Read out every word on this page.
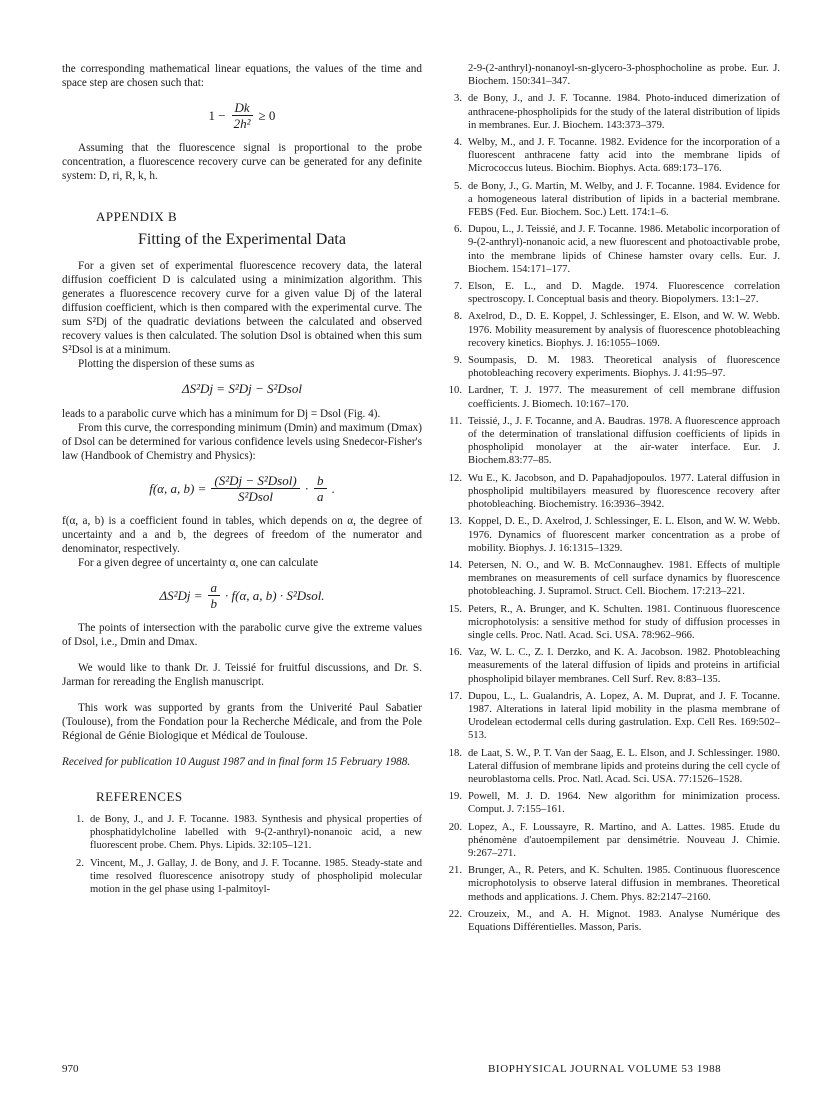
the corresponding mathematical linear equations, the values of the time and space step are chosen such that:

$1 - \frac{Dk}{\text{2h²}} \ge 0$

Assuming that the fluorescence signal is proportional to the probe concentration, a fluorescence recovery curve can be generated for any definite system: D, ri, R, k, h.

APPENDIX B
Fitting of the Experimental Data

For a given set of experimental fluorescence recovery data, the lateral diffusion coefficient D is calculated using a minimization algorithm. This generates a fluorescence recovery curve for a given value Dj of the lateral diffusion coefficient, which is then compared with the experimental curve. The sum S²Dj of the quadratic deviations between the calculated and observed recovery values is then calculated. The solution Dsol is obtained when this sum S²Dsol is at a minimum.

Plotting the dispersion of these sums as

ΔS²Dj = S²Dj − S²Dsol

leads to a parabolic curve which has a minimum for Dj = Dsol (Fig. 4).

From this curve, the corresponding minimum (Dmin) and maximum (Dmax) of Dsol can be determined for various confidence levels using Snedecor-Fisher's law (Handbook of Chemistry and Physics):

f(α, a, $b) = \frac{\text{(S²Dj − S²Dsol)}}{\text{S²Dsol}} \cdot \frac{b}{a}$ .

f(α, a, b) is a coefficient found in tables, which depends on α, the degree of uncertainty and a and b, the degrees of freedom of the numerator and denominator, respectively.

For a given degree of uncertainty α, one can calculate

$\Delta S^2Dj = \frac{a}{b} \cdot f(\alpha$, a, b) · S²Dsol.

The points of intersection with the parabolic curve give the extreme values of Dsol, i.e., Dmin and Dmax.

We would like to thank Dr. J. Teissié for fruitful discussions, and Dr. S. Jarman for rereading the English manuscript.

This work was supported by grants from the Univerité Paul Sabatier (Toulouse), from the Fondation pour la Recherche Médicale, and from the Pole Régional de Génie Biologique et Médical de Toulouse.

Received for publication 10 August 1987 and in final form 15 February 1988.
REFERENCES
1. de Bony, J., and J. F. Tocanne. 1983. Synthesis and physical properties of phosphatidylcholine labelled with 9-(2-anthryl)-nonanoic acid, a new fluorescent probe. Chem. Phys. Lipids. 32:105–121.
2. Vincent, M., J. Gallay, J. de Bony, and J. F. Tocanne. 1985. Steady-state and time resolved fluorescence anisotropy study of phospholipid molecular motion in the gel phase using 1-palmitoyl-
2-9-(2-anthryl)-nonanoyl-sn-glycero-3-phosphocholine as probe. Eur. J. Biochem. 150:341–347.
3. de Bony, J., and J. F. Tocanne. 1984. Photo-induced dimerization of anthracene-phospholipids for the study of the lateral distribution of lipids in membranes. Eur. J. Biochem. 143:373–379.
4. Welby, M., and J. F. Tocanne. 1982. Evidence for the incorporation of a fluorescent anthracene fatty acid into the membrane lipids of Micrococcus luteus. Biochim. Biophys. Acta. 689:173–176.
5. de Bony, J., G. Martin, M. Welby, and J. F. Tocanne. 1984. Evidence for a homogeneous lateral distribution of lipids in a bacterial membrane. FEBS (Fed. Eur. Biochem. Soc.) Lett. 174:1–6.
6. Dupou, L., J. Teissié, and J. F. Tocanne. 1986. Metabolic incorporation of 9-(2-anthryl)-nonanoic acid, a new fluorescent and photoactivable probe, into the membrane lipids of Chinese hamster ovary cells. Eur. J. Biochem. 154:171–177.
7. Elson, E. L., and D. Magde. 1974. Fluorescence correlation spectroscopy. I. Conceptual basis and theory. Biopolymers. 13:1–27.
8. Axelrod, D., D. E. Koppel, J. Schlessinger, E. Elson, and W. W. Webb. 1976. Mobility measurement by analysis of fluorescence photobleaching recovery kinetics. Biophys. J. 16:1055–1069.
9. Soumpasis, D. M. 1983. Theoretical analysis of fluorescence photobleaching recovery experiments. Biophys. J. 41:95–97.
10. Lardner, T. J. 1977. The measurement of cell membrane diffusion coefficients. J. Biomech. 10:167–170.
11. Teissié, J., J. F. Tocanne, and A. Baudras. 1978. A fluorescence approach of the determination of translational diffusion coefficients of lipids in phospholipid monolayer at the air-water interface. Eur. J. Biochem.83:77–85.
12. Wu E., K. Jacobson, and D. Papahadjopoulos. 1977. Lateral diffusion in phospholipid multibilayers measured by fluorescence recovery after photobleaching. Biochemistry. 16:3936–3942.
13. Koppel, D. E., D. Axelrod, J. Schlessinger, E. L. Elson, and W. W. Webb. 1976. Dynamics of fluorescent marker concentration as a probe of mobility. Biophys. J. 16:1315–1329.
14. Petersen, N. O., and W. B. McConnaughev. 1981. Effects of multiple membranes on measurements of cell surface dynamics by fluorescence photobleaching. J. Supramol. Struct. Cell. Biochem. 17:213–221.
15. Peters, R., A. Brunger, and K. Schulten. 1981. Continuous fluorescence microphotolysis: a sensitive method for study of diffusion processes in single cells. Proc. Natl. Acad. Sci. USA. 78:962–966.
16. Vaz, W. L. C., Z. I. Derzko, and K. A. Jacobson. 1982. Photobleaching measurements of the lateral diffusion of lipids and proteins in artificial phospholipid bilayer membranes. Cell Surf. Rev. 8:83–135.
17. Dupou, L., L. Gualandris, A. Lopez, A. M. Duprat, and J. F. Tocanne. 1987. Alterations in lateral lipid mobility in the plasma membrane of Urodelean ectodermal cells during gastrulation. Exp. Cell Res. 169:502–513.
18. de Laat, S. W., P. T. Van der Saag, E. L. Elson, and J. Schlessinger. 1980. Lateral diffusion of membrane lipids and proteins during the cell cycle of neuroblastoma cells. Proc. Natl. Acad. Sci. USA. 77:1526–1528.
19. Powell, M. J. D. 1964. New algorithm for minimization process. Comput. J. 7:155–161.
20. Lopez, A., F. Loussayre, R. Martino, and A. Lattes. 1985. Etude du phénomène d'autoempilement par densimétrie. Nouveau J. Chimie. 9:267–271.
21. Brunger, A., R. Peters, and K. Schulten. 1985. Continuous fluorescence microphotolysis to observe lateral diffusion in membranes. Theoretical methods and applications. J. Chem. Phys. 82:2147–2160.
22. Crouzeix, M., and A. H. Mignot. 1983. Analyse Numérique des Equations Différentielles. Masson, Paris.
970	BIOPHYSICAL JOURNAL VOLUME 53 1988
